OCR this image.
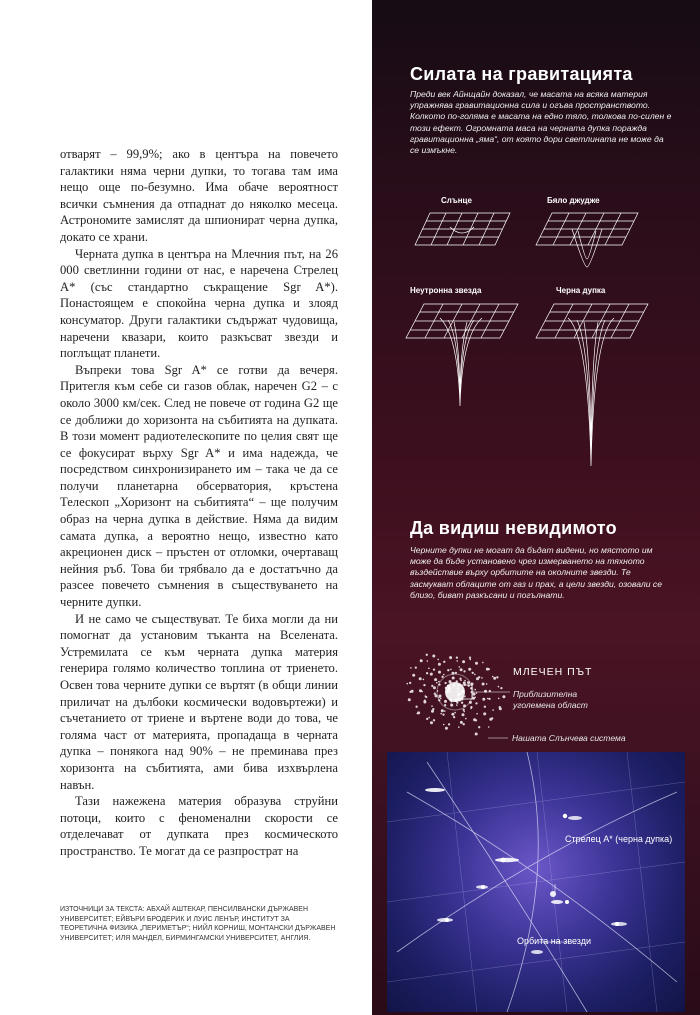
отварят – 99,9%; ако в центъра на повечето галактики няма черни дупки, то тогава там има нещо още по-безумно. Има обаче вероятност всички съмнения да отпаднат до няколко месеца. Астрономите замислят да шпионират черна дупка, докато се храни.

Черната дупка в центъра на Млечния път, на 26 000 светлинни години от нас, е наречена Стрелец A* (със стандартно съкращение Sgr A*). Понастоящем е спокойна черна дупка и злояд консуматор. Други галактики съдържат чудовища, наречени квазари, които разкъсват звезди и поглъщат планети.

Въпреки това Sgr A* се готви да вечеря. Притегля към себе си газов облак, наречен G2 – с около 3000 км/сек. След не повече от година G2 ще се доближи до хоризонта на събитията на дупката. В този момент радиотелескопите по целия свят ще се фокусират върху Sgr A* и има надежда, че посредством синхронизирането им – така че да се получи планетарна обсерватория, кръстена Телескоп „Хоризонт на събитията“ – ще получим образ на черна дупка в действие. Няма да видим самата дупка, а вероятно нещо, известно като акреционен диск – пръстен от отломки, очертаващ нейния ръб. Това би трябвало да е достатъчно да разсее повечето съмнения в съществуването на черните дупки.

И не само че съществуват. Те биха могли да ни помогнат да установим тъканта на Вселената. Устремилата се към черната дупка материя генерира голямо количество топлина от триенето. Освен това черните дупки се въртят (в общи линии приличат на дълбоки космически водовъртежи) и съчетанието от триене и въртене води до това, че голяма част от материята, пропадаща в черната дупка – понякога над 90% – не преминава през хоризонта на събитията, ами бива изхвърлена навън.

Тази нажежена материя образува струйни потоци, които с феноменални скорости се отделечават от дупката през космическото пространство. Те могат да се разпрострат на

ИЗТОЧНИЦИ ЗА ТЕКСТА: АБХАЙ АШТЕКАР, ПЕНСИЛВАНСКИ ДЪРЖАВЕН УНИВЕРСИТЕТ; ЕЙВЪРИ БРОДЕРИК И ЛУИС ЛЕНЪР, ИНСТИТУТ ЗА ТЕОРЕТИЧНА ФИЗИКА „ПЕРИМЕТЪР“; НИЙЛ КОРНИШ, МОНТАНСКИ ДЪРЖАВЕН УНИВЕРСИТЕТ; ИЛЯ МАНДЕЛ, БИРМИНГАМСКИ УНИВЕРСИТЕТ, АНГЛИЯ.
Силата на гравитацията
Преди век Айнщайн доказал, че масата на всяка материя упражнява гравитационна сила и огъва пространството. Колкото по-голяма е масата на едно тяло, толкова по-силен е този ефект. Огромната маса на черната дупка поражда гравитационна „яма“, от която дори светлината не може да се измъкне.
Слънце	Бяло джудже
Неутронна звезда	Черна дупка
Да видиш невидимото
Черните дупки не могат да бъдат видени, но мястото им може да бъде установено чрез измерването на тяхното въздействие върху орбитите на околните звезди. Те засмукват облаците от газ и прах, а цели звезди, озовали се близо, биват разкъсани и погълнати.
МЛЕЧЕН ПЪТ
Приблизителна уголемена област
Нашата Слънчева система
Стрелец A* (черна дупка)
Орбита на звезди
